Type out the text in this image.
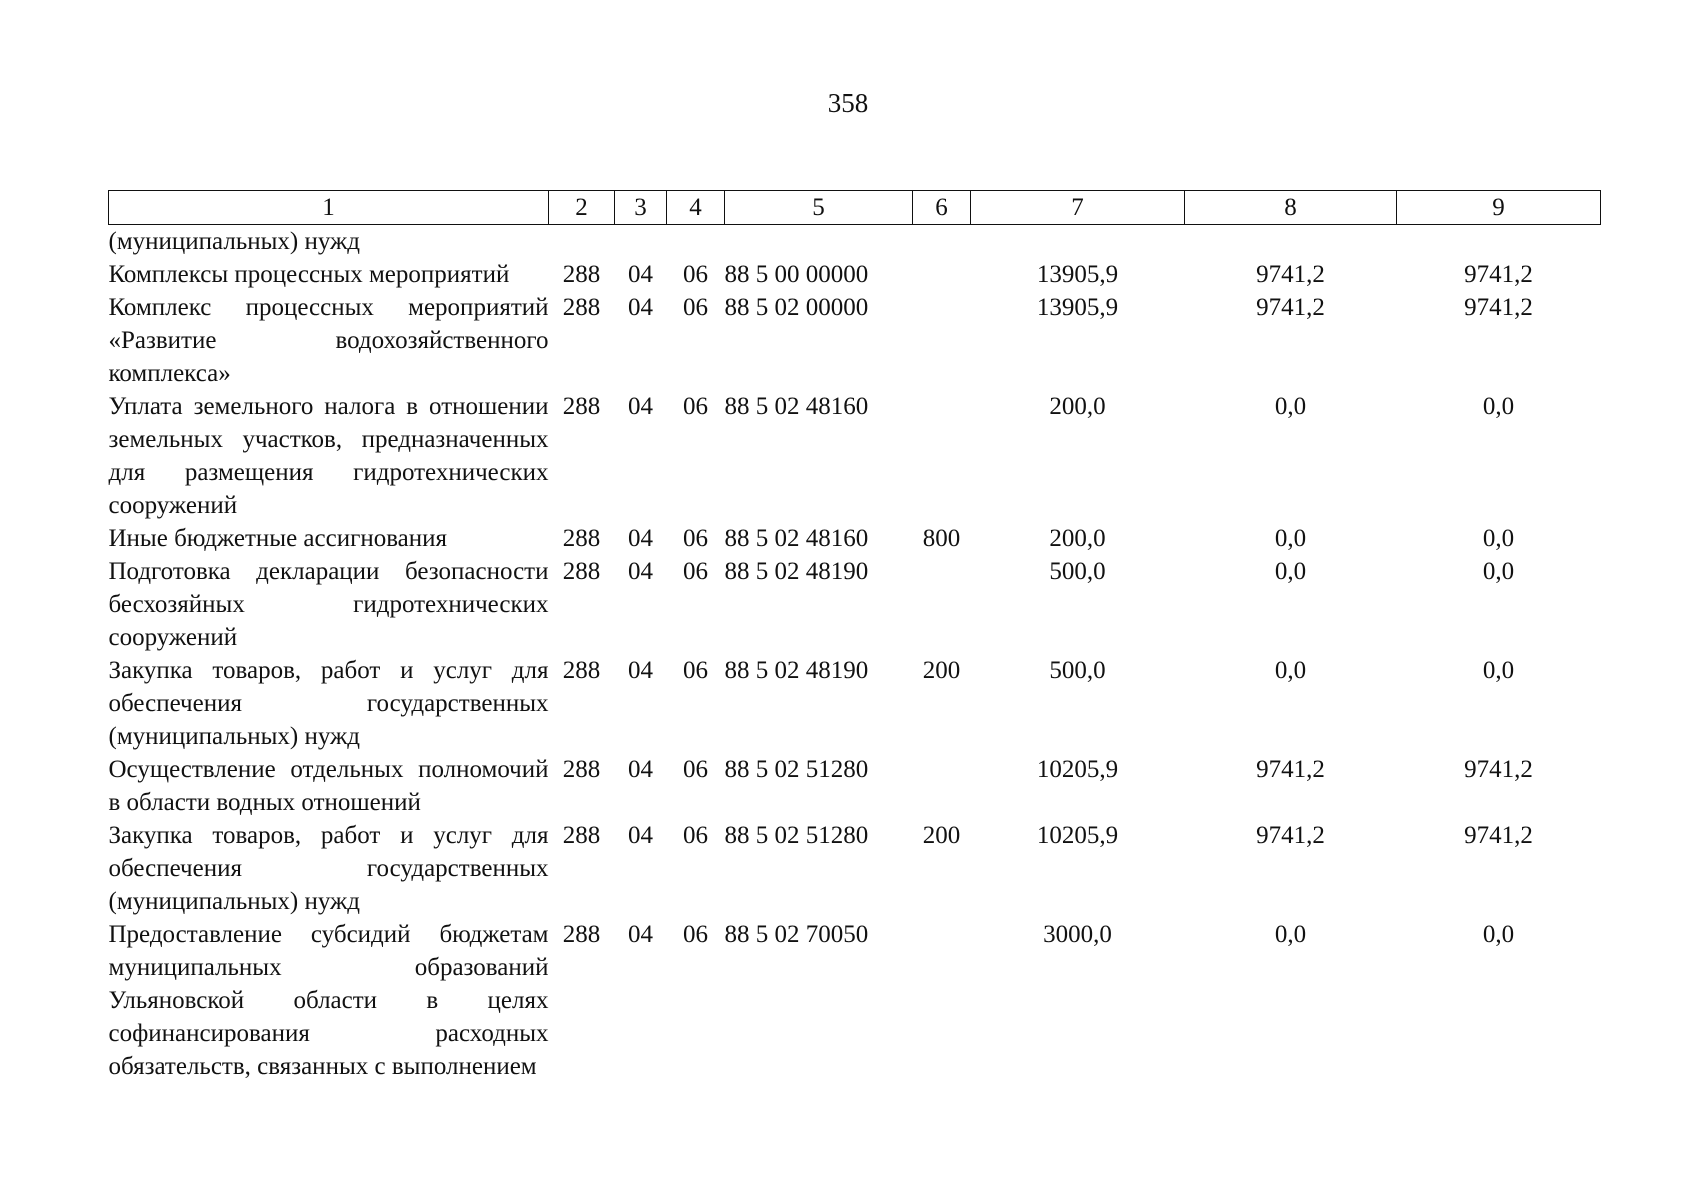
358
1	2	3	4	5	6	7	8	9
(муниципальных) нужд								
Комплексы процессных мероприятий	288	04	06	88 5 00 00000		13905,9	9741,2	9741,2
Комплекс процессных мероприятий «Развитие водохозяйственного комплекса»	288	04	06	88 5 02 00000		13905,9	9741,2	9741,2
Уплата земельного налога в отношении земельных участков, предназначенных для размещения гидротехнических сооружений	288	04	06	88 5 02 48160		200,0	0,0	0,0
Иные бюджетные ассигнования	288	04	06	88 5 02 48160	800	200,0	0,0	0,0
Подготовка декларации безопасности бесхозяйных гидротехнических сооружений	288	04	06	88 5 02 48190		500,0	0,0	0,0
Закупка товаров, работ и услуг для обеспечения государственных (муниципальных) нужд	288	04	06	88 5 02 48190	200	500,0	0,0	0,0
Осуществление отдельных полномочий в области водных отношений	288	04	06	88 5 02 51280		10205,9	9741,2	9741,2
Закупка товаров, работ и услуг для обеспечения государственных (муниципальных) нужд	288	04	06	88 5 02 51280	200	10205,9	9741,2	9741,2
Предоставление субсидий бюджетам муниципальных образований Ульяновской области в целях софинансирования расходных обязательств, связанных с выполнением	288	04	06	88 5 02 70050		3000,0	0,0	0,0
